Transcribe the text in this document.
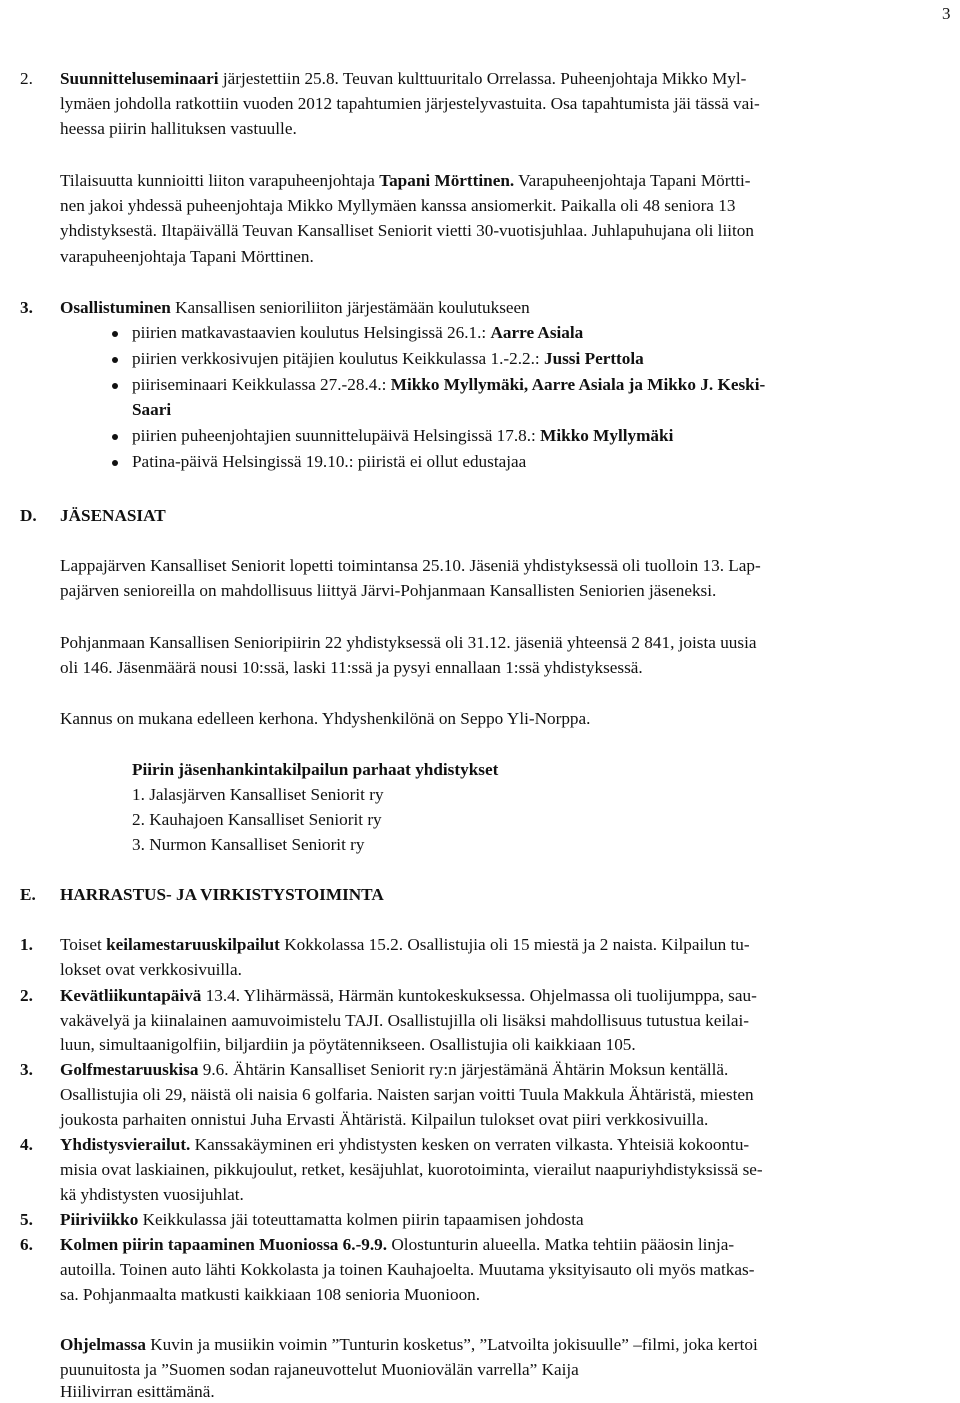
3
2. Suunnitteluseminaari järjestettiin 25.8. Teuvan kulttuuritalo Orrelassa. Puheenjohtaja Mikko Myl-
lymäen johdolla ratkottiin vuoden 2012 tapahtumien järjestelyvastuita. Osa tapahtumista jäi tässä vai-
heessa piirin hallituksen vastuulle.
Tilaisuutta kunnioitti liiton varapuheenjohtaja Tapani Mörttinen. Varapuheenjohtaja Tapani Mörtti-
nen jakoi yhdessä puheenjohtaja Mikko Myllymäen kanssa ansiomerkit. Paikalla oli 48 seniora 13
yhdistyksestä. Iltapäivällä Teuvan Kansalliset Seniorit vietti 30-vuotisjuhlaa. Juhlapuhujana oli liiton
varapuheenjohtaja Tapani Mörttinen.
3. Osallistuminen Kansallisen senioriliiton järjestämään koulutukseen
piirien matkavastaavien koulutus Helsingissä 26.1.: Aarre Asiala
piirien verkkosivujen pitäjien koulutus Keikkulassa 1.-2.2.: Jussi Perttola
piiriseminaari Keikkulassa 27.-28.4.: Mikko Myllymäki, Aarre Asiala ja Mikko J. Keski-
Saari
piirien puheenjohtajien suunnittelupäivä Helsingissä 17.8.: Mikko Myllymäki
Patina-päivä Helsingissä 19.10.: piiristä ei ollut edustajaa
D. JÄSENASIAT
Lappajärven Kansalliset Seniorit lopetti toimintansa 25.10. Jäseniä yhdistyksessä oli tuolloin 13. Lap-
pajärven senioreilla on mahdollisuus liittyä Järvi-Pohjanmaan Kansallisten Seniorien jäseneksi.
Pohjanmaan Kansallisen Senioripiirin 22 yhdistyksessä oli 31.12. jäseniä yhteensä 2 841, joista uusia
oli 146. Jäsenmäärä nousi 10:ssä, laski 11:ssä ja pysyi ennallaan 1:ssä yhdistyksessä.
Kannus on mukana edelleen kerhona. Yhdyshenkilönä on Seppo Yli-Norppa.
Piirin jäsenhankintakilpailun parhaat yhdistykset
1. Jalasjärven Kansalliset Seniorit ry
2. Kauhajoen Kansalliset Seniorit ry
3. Nurmon Kansalliset Seniorit ry
E. HARRASTUS- JA VIRKISTYSTOIMINTA
1. Toiset keilamestaruuskilpailut Kokkolassa 15.2. Osallistujia oli 15 miestä ja 2 naista. Kilpailun tu-
lokset ovat verkkosivuilla.
2. Kevätliikuntapäivä 13.4. Ylihärmässä, Härmän kuntokeskuksessa. Ohjelmassa oli tuolijumppa, sau-
vakävelyä ja kiinalainen aamuvoimistelu TAJI. Osallistujilla oli lisäksi mahdollisuus tutustua keilai-
luun, simultaanigolfiin, biljardiin ja pöytätennikseen. Osallistujia oli kaikkiaan 105.
3. Golfmestaruuskisa 9.6. Ähtärin Kansalliset Seniorit ry:n järjestämänä Ähtärin Moksun kentällä.
Osallistujia oli 29, näistä oli naisia 6 golfaria. Naisten sarjan voitti Tuula Makkula Ähtäristä, miesten
joukosta parhaiten onnistui Juha Ervasti Ähtäristä. Kilpailun tulokset ovat piiri verkkosivuilla.
4. Yhdistysvierailut. Kanssakäyminen eri yhdistysten kesken on verraten vilkasta. Yhteisiä kokoontu-
misia ovat laskiainen, pikkujoulut, retket, kesäjuhlat, kuorotoiminta, vierailut naapuriyhdistyksissä se-
kä yhdistysten vuosijuhlat.
5. Piiriviikko Keikkulassa jäi toteuttamatta kolmen piirin tapaamisen johdosta
6. Kolmen piirin tapaaminen Muoniossa 6.-9.9. Olostunturin alueella. Matka tehtiin pääosin linja-
autoilla. Toinen auto lähti Kokkolasta ja toinen Kauhajoelta. Muutama yksityisauto oli myös matkas-
sa. Pohjanmaalta matkusti kaikkiaan 108 senioria Muonioon.
Ohjelmassa Kuvin ja musiikin voimin ”Tunturin kosketus”, ”Latvoilta jokisuulle” –filmi, joka kertoi
puunuitosta ja ”Suomen sodan rajaneuvottelut Muoniovälän varrella” Kaija
Hiilivirran esittämänä.
